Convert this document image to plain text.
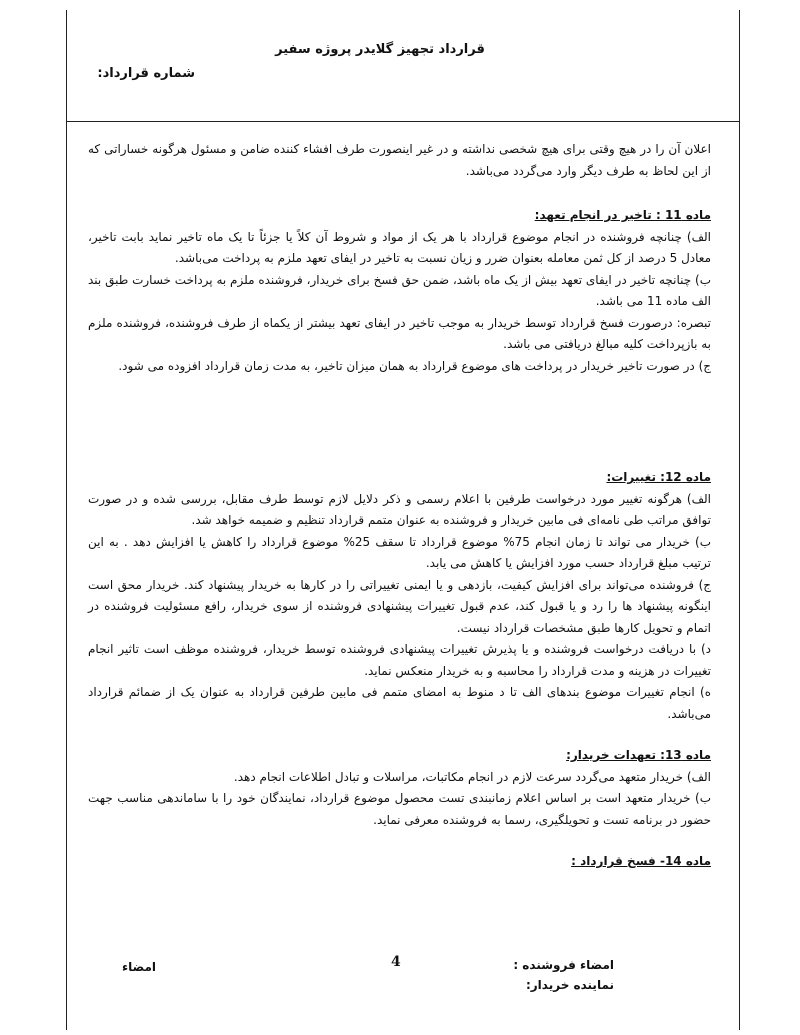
قرارداد تجهیز گلایدر پروژه سفیر
شماره قرارداد:

اعلان آن را در هیچ وقتی برای هیچ شخصی نداشته و در غیر اینصورت طرف افشاء کننده ضامن و مسئول هرگونه خساراتی که از این لحاظ به طرف دیگر وارد می‌گردد می‌باشد.

ماده 11 : تاخیر در انجام تعهد:

الف) چنانچه فروشنده در انجام موضوع قرارداد با هر یک از مواد و شروط آن کلاً یا جزئاً تا یک ماه تاخیر نماید بابت تاخیر، معادل 5 درصد از کل ثمن معامله بعنوان ضرر و زیان نسبت به تاخیر در ایفای تعهد ملزم به پرداخت می‌باشد.

ب) چنانچه تاخیر در ایفای تعهد بیش از یک ماه باشد، ضمن حق فسخ برای خریدار، فروشنده ملزم به پرداخت خسارت طبق بند الف ماده 11 می باشد.

تبصره: درصورت فسخ قرارداد توسط خریدار به موجب تاخیر در ایفای تعهد بیشتر از یکماه از طرف فروشنده، فروشنده ملزم به بازپرداخت کلیه مبالغ دریافتی می باشد.

ج) در صورت تاخیر خریدار در پرداخت های موضوع قرارداد به همان میزان تاخیر، به مدت زمان قرارداد افزوده می شود.

ماده 12: تغییرات:

الف) هرگونه تغییر مورد درخواست طرفین با اعلام رسمی و ذکر دلایل لازم توسط طرف مقابل، بررسی شده و در صورت توافق مراتب طی نامه‌ای فی مابین خریدار و فروشنده به عنوان متمم قرارداد تنظیم و ضمیمه خواهد شد.

ب) خریدار می تواند تا زمان انجام 75% موضوع قرارداد تا سقف 25% موضوع قرارداد را کاهش یا افزایش دهد . به این ترتیب مبلغ قرارداد حسب مورد افزایش یا کاهش می یابد.

ج) فروشنده می‌تواند برای افزایش کیفیت، بازدهی و یا ایمنی تغییراتی را در کارها به خریدار پیشنهاد کند. خریدار محق است اینگونه پیشنهاد ها را رد و یا قبول کند، عدم قبول تغییرات پیشنهادی فروشنده از سوی خریدار، رافع مسئولیت فروشنده در اتمام و تحویل کارها طبق مشخصات قرارداد نیست.

د) با دریافت درخواست فروشنده و یا پذیرش تغییرات پیشنهادی فروشنده توسط خریدار، فروشنده موظف است تاثیر انجام تغییرات در هزینه و مدت قرارداد را محاسبه و به خریدار منعکس نماید.

ه) انجام تغییرات موضوع بندهای الف تا د منوط به امضای متمم فی مابین طرفین قرارداد به عنوان یک از ضمائم قرارداد می‌باشد.

ماده 13: تعهدات خریدار:

الف) خریدار متعهد می‌گردد سرعت لازم در انجام مکاتبات، مراسلات و تبادل اطلاعات انجام دهد.

ب) خریدار متعهد است بر اساس اعلام زمانبندی تست محصول موضوع قرارداد، نمایندگان خود را با ساماندهی مناسب جهت حضور در برنامه تست و تحویلگیری، رسما به فروشنده معرفی نماید.

ماده 14- فسخ قرارداد :

4	امضاء فروشنده :
نماینده خریدار:
امضاء
